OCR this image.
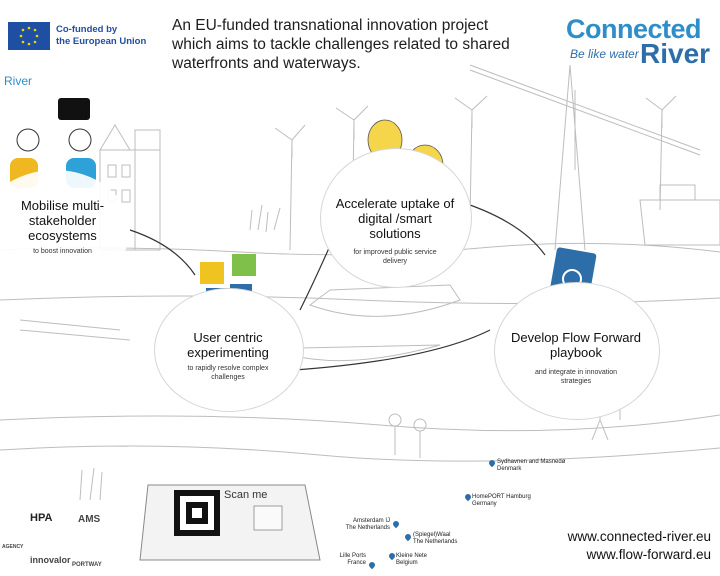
Co-funded by
the European Union
An EU-funded transnational innovation project which aims to tackle challenges related to shared waterfronts and waterways.
Connected
Be like water River
River
Mobilise multi-stakeholder ecosystems
to boost innovation
Accelerate uptake of digital /smart solutions
for improved public service delivery
User centric experimenting
to rapidly resolve complex challenges
Develop Flow Forward playbook
and integrate in innovation strategies
Scan me
Sydhavnen and Masnedø
Denmark
HomePORT Hamburg
Germany
Amsterdam IJ
The Netherlands
(Spiegel)Waal
The Netherlands
Lille Ports
France
Kleine Nete
Belgium
HPA	AMS
innovalor PORTWAY
AGENCY
www.connected-river.eu
www.flow-forward.eu
